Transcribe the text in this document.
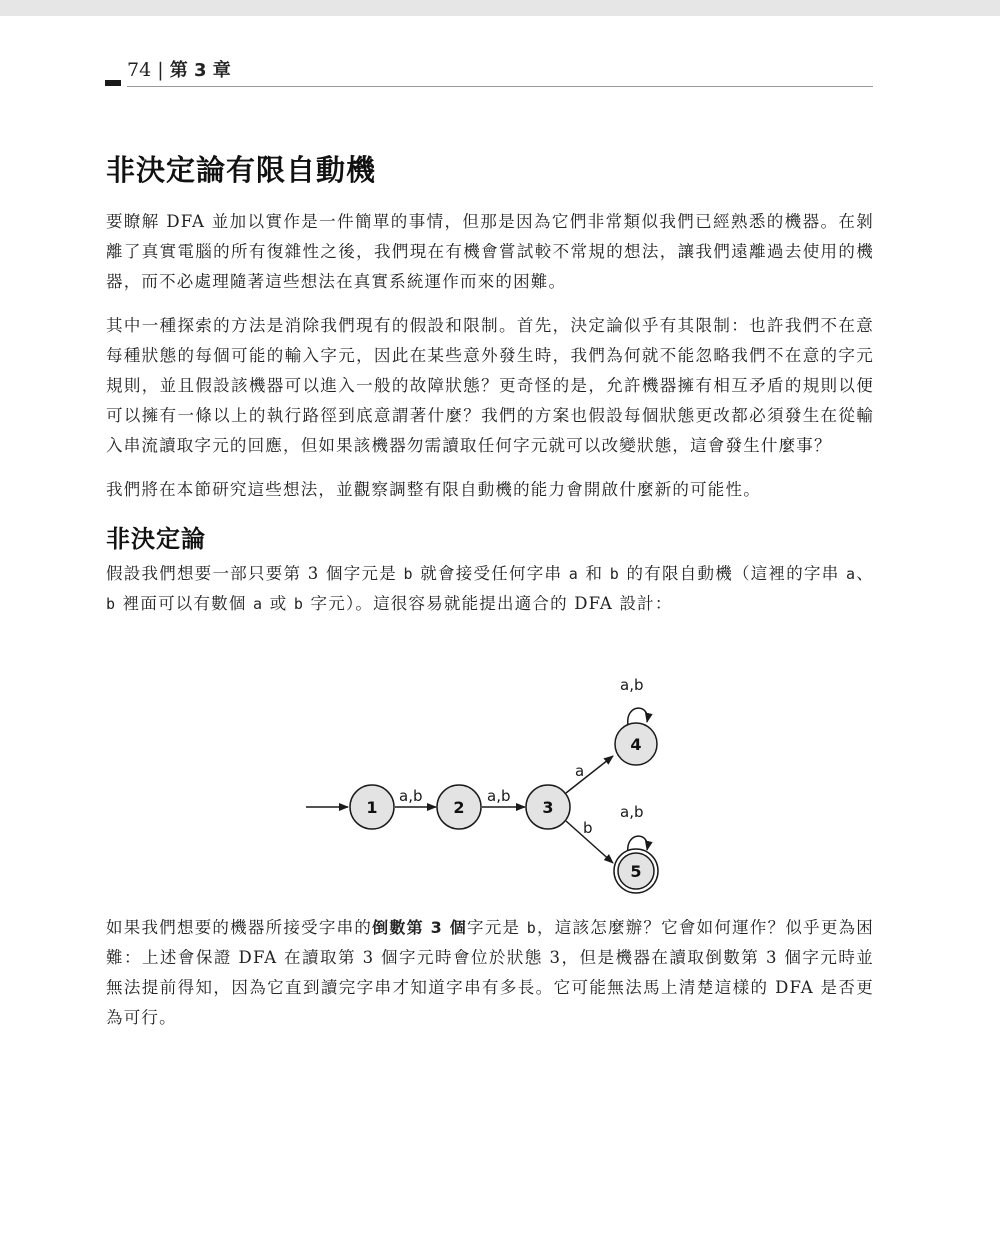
74 | 第 3 章
非決定論有限自動機

要瞭解 DFA 並加以實作是一件簡單的事情，但那是因為它們非常類似我們已經熟悉的機器。在剝離了真實電腦的所有復雜性之後，我們現在有機會嘗試較不常規的想法，讓我們遠離過去使用的機器，而不必處理隨著這些想法在真實系統運作而來的困難。

其中一種探索的方法是消除我們現有的假設和限制。首先，決定論似乎有其限制：也許我們不在意每種狀態的每個可能的輸入字元，因此在某些意外發生時，我們為何就不能忽略我們不在意的字元規則，並且假設該機器可以進入一般的故障狀態？更奇怪的是，允許機器擁有相互矛盾的規則以便可以擁有一條以上的執行路徑到底意謂著什麼？我們的方案也假設每個狀態更改都必須發生在從輸入串流讀取字元的回應，但如果該機器勿需讀取任何字元就可以改變狀態，這會發生什麼事？

我們將在本節研究這些想法，並觀察調整有限自動機的能力會開啟什麼新的可能性。

非決定論

假設我們想要一部只要第 3 個字元是 b 就會接受任何字串 a 和 b 的有限自動機（這裡的字串 a、b 裡面可以有數個 a 或 b 字元）。這很容易就能提出適合的 DFA 設計：

a,b	a,b
a
b
a,b
a,b
1	2	3
4
5

如果我們想要的機器所接受字串的倒數第 3 個字元是 b，這該怎麼辦？它會如何運作？似乎更為困難：上述會保證 DFA 在讀取第 3 個字元時會位於狀態 3，但是機器在讀取倒數第 3 個字元時並無法提前得知，因為它直到讀完字串才知道字串有多長。它可能無法馬上清楚這樣的 DFA 是否更為可行。
